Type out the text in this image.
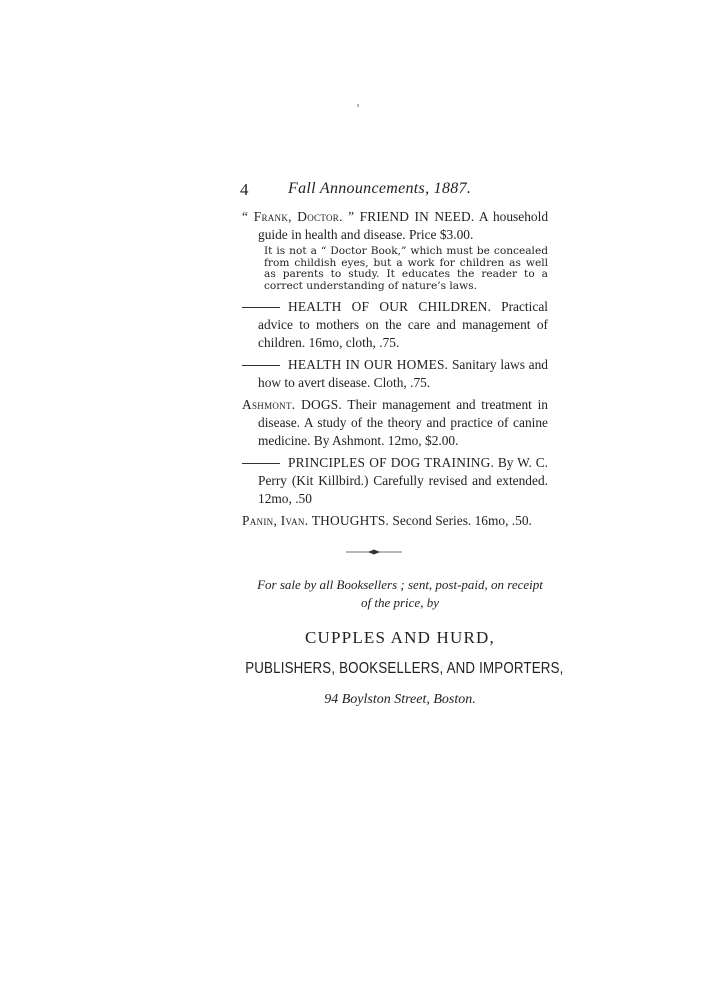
4 Fall Announcements, 1887.
“ Frank, Doctor. ” FRIEND IN NEED. A household guide in health and disease. Price $3.00.
It is not a “ Doctor Book,” which must be concealed from childish eyes, but a work for children as well as parents to study. It educates the reader to a correct understanding of nature’s laws.
HEALTH OF OUR CHILDREN. Practical advice to mothers on the care and management of children. 16mo, cloth, .75.
HEALTH IN OUR HOMES. Sanitary laws and how to avert disease. Cloth, .75.
Ashmont. DOGS. Their management and treatment in disease. A study of the theory and practice of canine medicine. By Ashmont. 12mo, $2.00.
PRINCIPLES OF DOG TRAINING. By W. C. Perry (Kit Killbird.) Carefully revised and extended. 12mo, .50
Panin, Ivan. THOUGHTS. Second Series. 16mo, .50.

For sale by all Booksellers ; sent, post-paid, on receipt

of the price, by

CUPPLES AND HURD,

PUBLISHERS, BOOKSELLERS, AND IMPORTERS,

94 Boylston Street, Boston.
